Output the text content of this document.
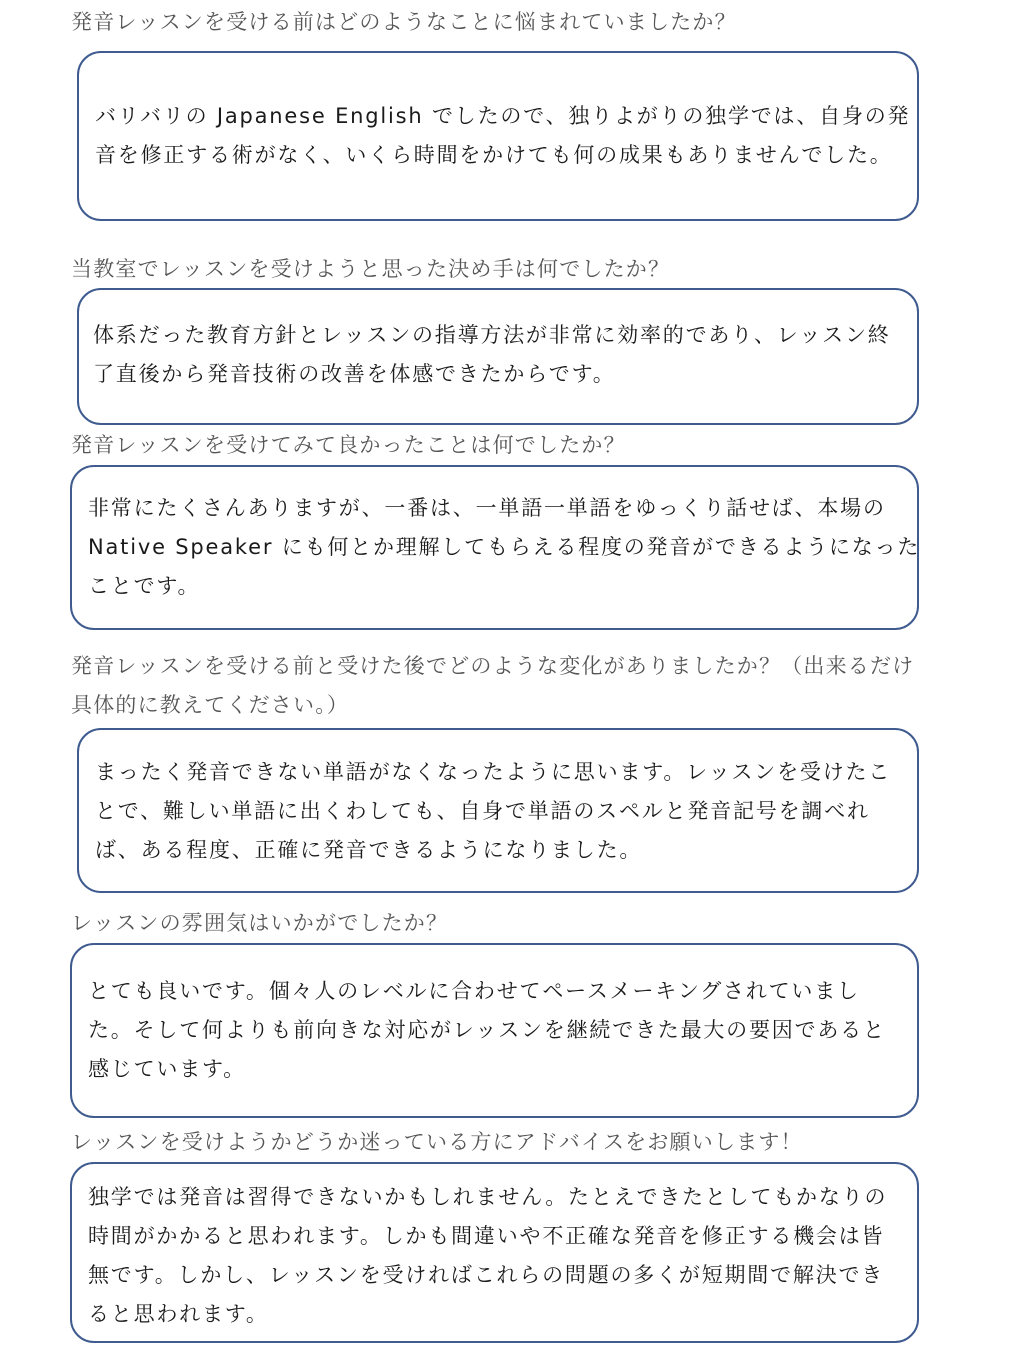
発音レッスンを受ける前はどのようなことに悩まれていましたか？
バリバリの Japanese English でしたので、独りよがりの独学では、自身の発
音を修正する術がなく、いくら時間をかけても何の成果もありませんでした。
当教室でレッスンを受けようと思った決め手は何でしたか？
体系だった教育方針とレッスンの指導方法が非常に効率的であり、レッスン終
了直後から発音技術の改善を体感できたからです。
発音レッスンを受けてみて良かったことは何でしたか？
非常にたくさんありますが、一番は、一単語一単語をゆっくり話せば、本場の
Native Speaker にも何とか理解してもらえる程度の発音ができるようになった
ことです。
発音レッスンを受ける前と受けた後でどのような変化がありましたか？（出来るだけ
具体的に教えてください。）
まったく発音できない単語がなくなったように思います。レッスンを受けたこ
とで、難しい単語に出くわしても、自身で単語のスペルと発音記号を調べれ
ば、ある程度、正確に発音できるようになりました。
レッスンの雰囲気はいかがでしたか？
とても良いです。個々人のレベルに合わせてペースメーキングされていまし
た。そして何よりも前向きな対応がレッスンを継続できた最大の要因であると
感じています。
レッスンを受けようかどうか迷っている方にアドバイスをお願いします！
独学では発音は習得できないかもしれません。たとえできたとしてもかなりの
時間がかかると思われます。しかも間違いや不正確な発音を修正する機会は皆
無です。しかし、レッスンを受ければこれらの問題の多くが短期間で解決でき
ると思われます。
